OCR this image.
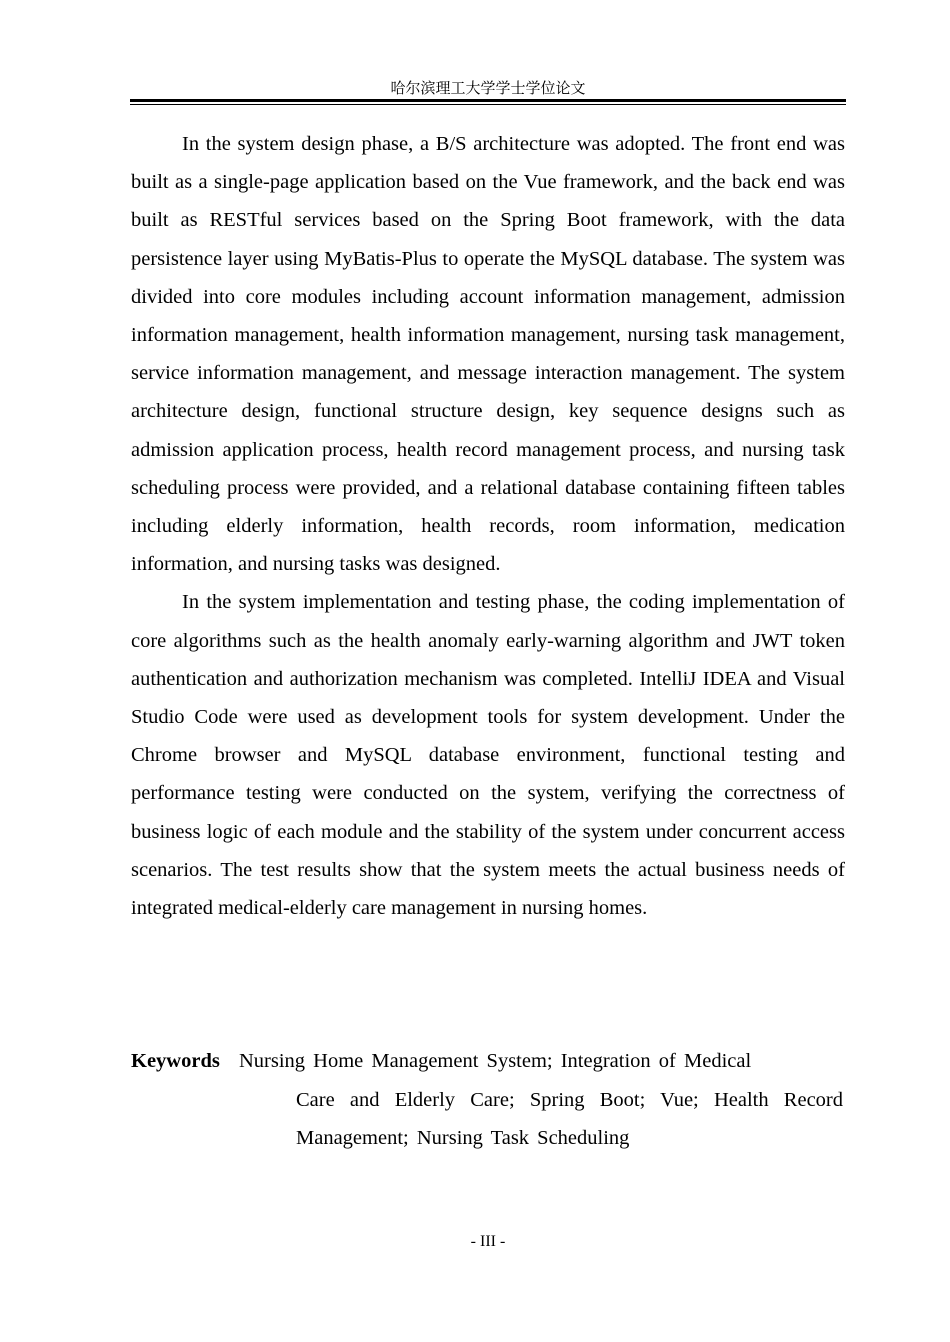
哈尔滨理工大学学士学位论文

In the system design phase, a B/S architecture was adopted. The front end was built as a single-page application based on the Vue framework, and the back end was built as RESTful services based on the Spring Boot framework, with the data persistence layer using MyBatis-Plus to operate the MySQL database. The system was divided into core modules including account information management, admission information management, health information management, nursing task management, service information management, and message interaction management. The system architecture design, functional structure design, key sequence designs such as admission application process, health record management process, and nursing task scheduling process were provided, and a relational database containing fifteen tables including elderly information, health records, room information, medication information, and nursing tasks was designed.

In the system implementation and testing phase, the coding implementation of core algorithms such as the health anomaly early-warning algorithm and JWT token authentication and authorization mechanism was completed. IntelliJ IDEA and Visual Studio Code were used as development tools for system development. Under the Chrome browser and MySQL database environment, functional testing and performance testing were conducted on the system, verifying the correctness of business logic of each module and the stability of the system under concurrent access scenarios. The test results show that the system meets the actual business needs of integrated medical-elderly care management in nursing homes.

Keywords Nursing Home Management System; Integration of Medical
Care and Elderly Care; Spring Boot; Vue; Health Record
Management; Nursing Task Scheduling
- III -
